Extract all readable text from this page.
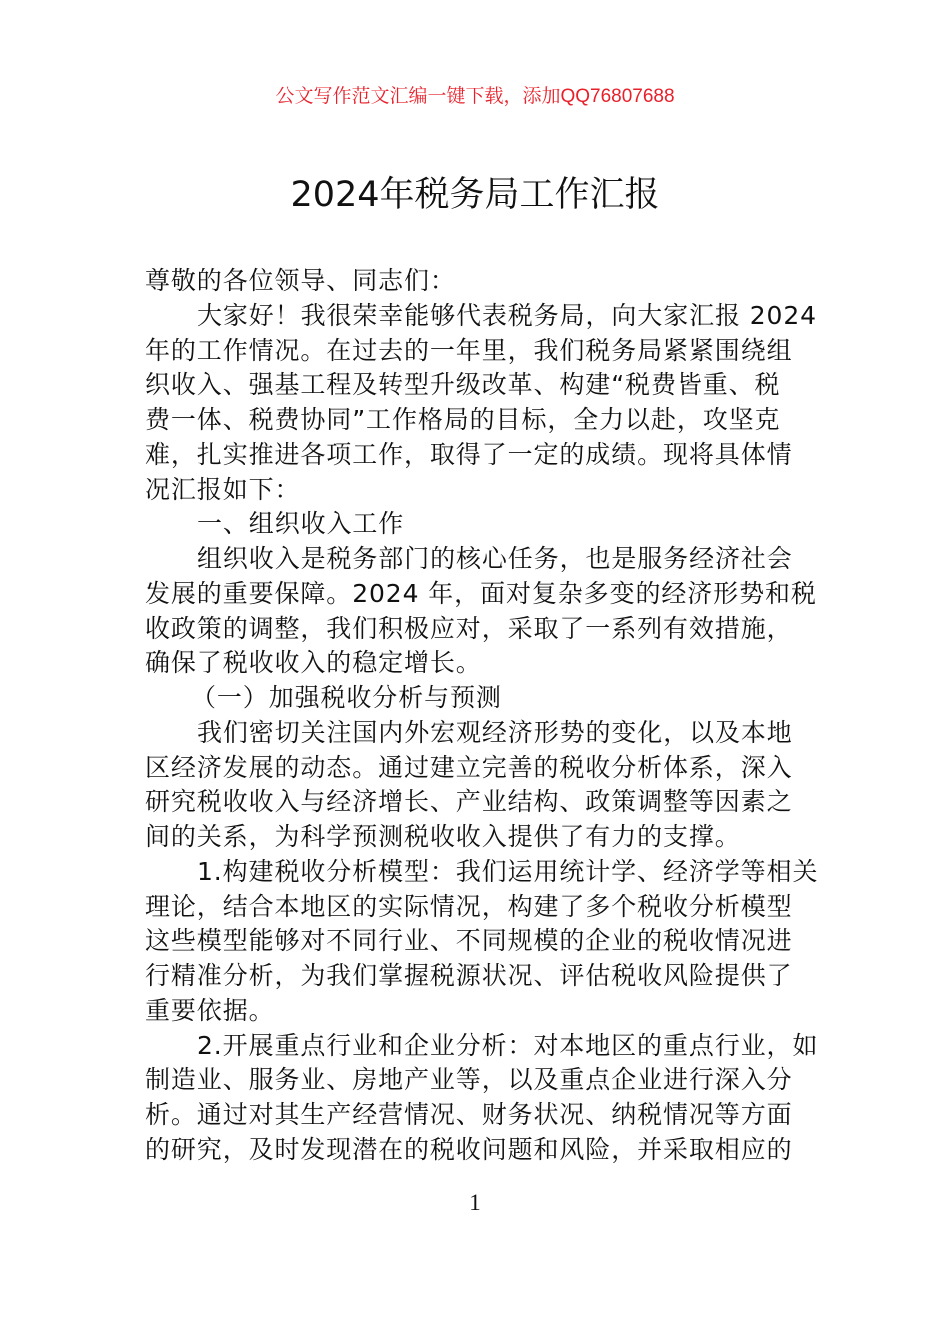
公文写作范文汇编一键下载，添加QQ76807688
2024年税务局工作汇报
尊敬的各位领导、同志们：
大家好！我很荣幸能够代表税务局，向大家汇报 2024
年的工作情况。在过去的一年里，我们税务局紧紧围绕组
织收入、强基工程及转型升级改革、构建“税费皆重、税
费一体、税费协同”工作格局的目标，全力以赴，攻坚克
难，扎实推进各项工作，取得了一定的成绩。现将具体情
况汇报如下：
一、组织收入工作
组织收入是税务部门的核心任务，也是服务经济社会
发展的重要保障。2024 年，面对复杂多变的经济形势和税
收政策的调整，我们积极应对，采取了一系列有效措施，
确保了税收收入的稳定增长。
（一）加强税收分析与预测
我们密切关注国内外宏观经济形势的变化，以及本地
区经济发展的动态。通过建立完善的税收分析体系，深入
研究税收收入与经济增长、产业结构、政策调整等因素之
间的关系，为科学预测税收收入提供了有力的支撑。
1.构建税收分析模型：我们运用统计学、经济学等相关
理论，结合本地区的实际情况，构建了多个税收分析模型
这些模型能够对不同行业、不同规模的企业的税收情况进
行精准分析，为我们掌握税源状况、评估税收风险提供了
重要依据。
2.开展重点行业和企业分析：对本地区的重点行业，如
制造业、服务业、房地产业等，以及重点企业进行深入分
析。通过对其生产经营情况、财务状况、纳税情况等方面
的研究，及时发现潜在的税收问题和风险，并采取相应的
1
